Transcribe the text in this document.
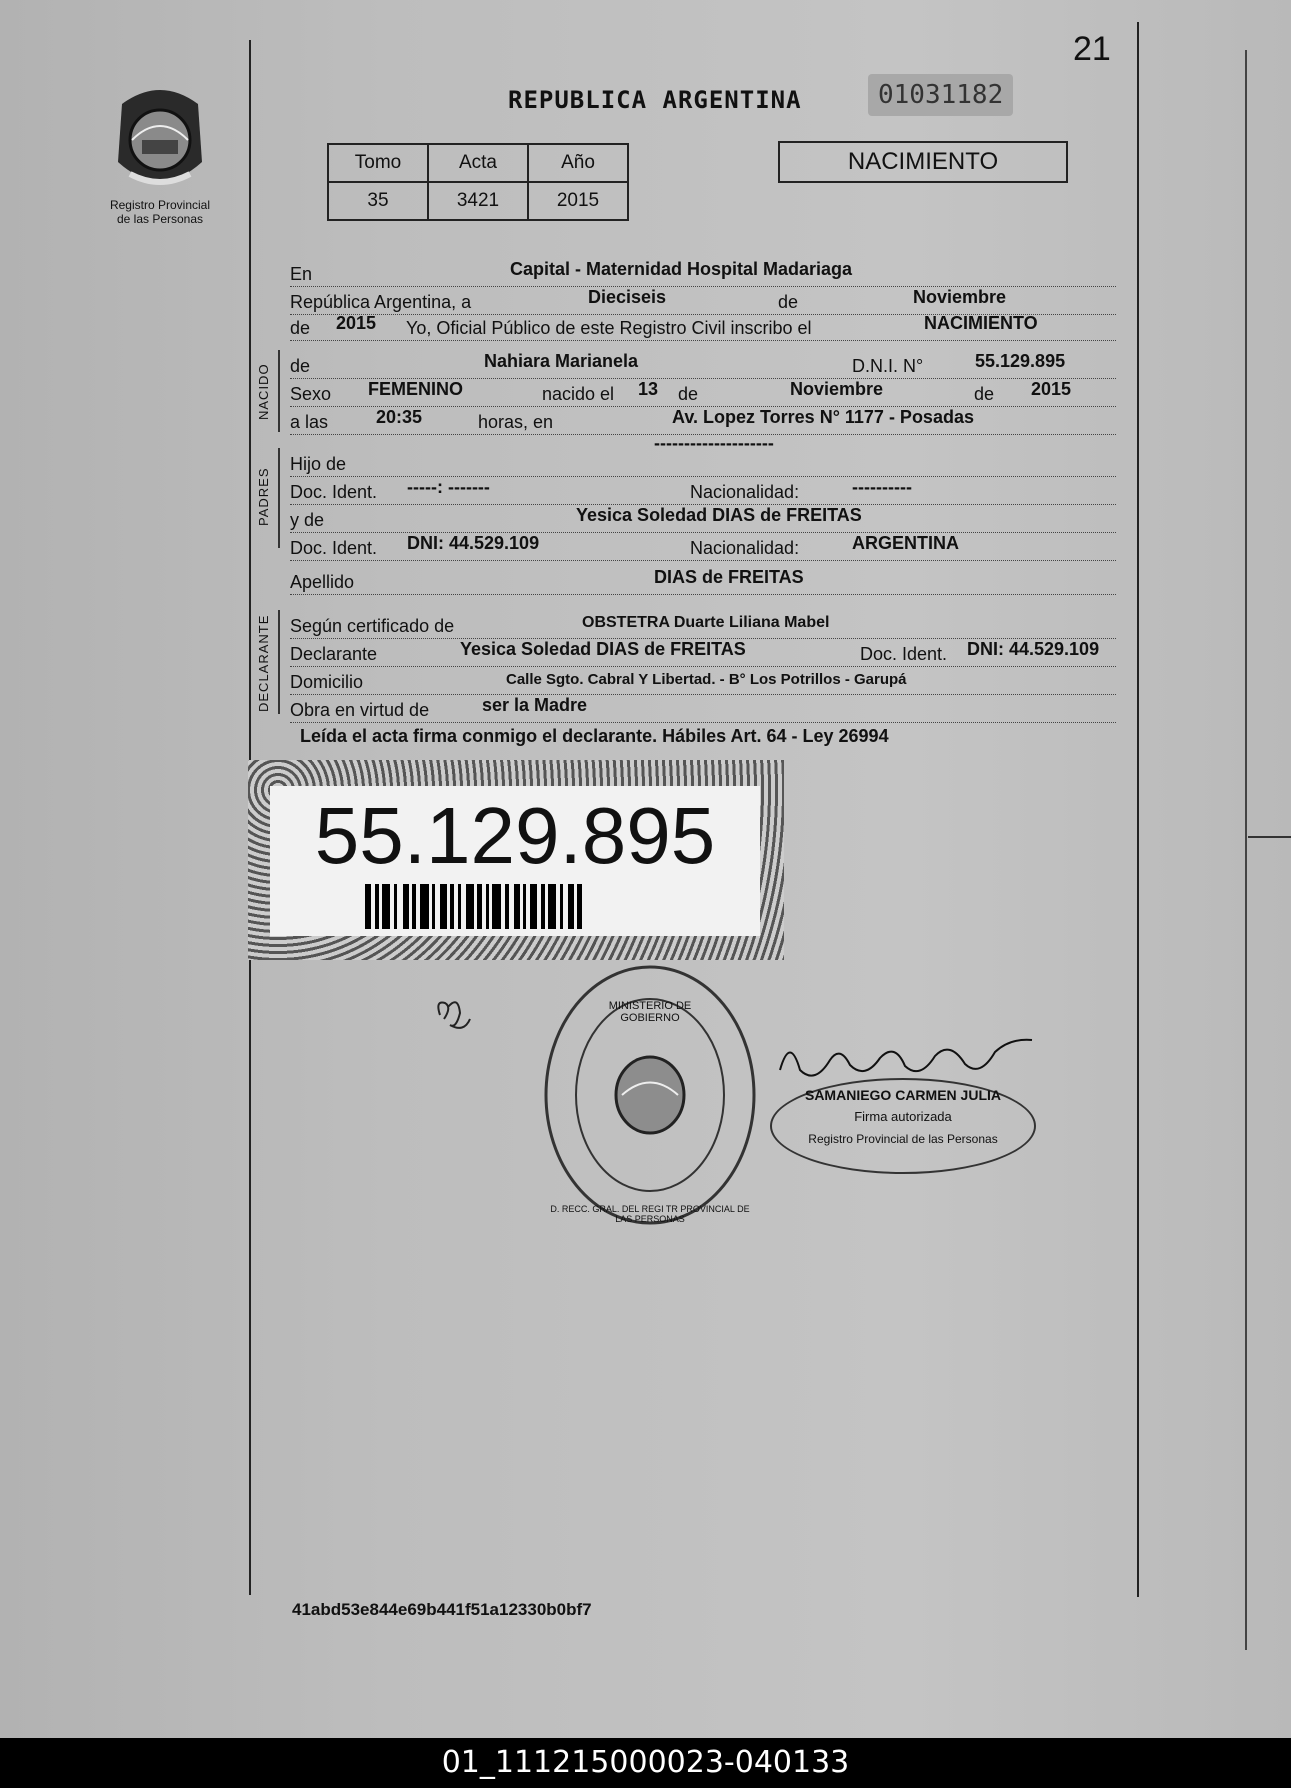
21
Registro Provincial
de las Personas
REPUBLICA ARGENTINA	01031182
Tomo	Acta	Año
35	3421	2015
NACIMIENTO
En	Capital - Maternidad Hospital Madariaga
República Argentina, a	Dieciseis	de	Noviembre
de 2015 Yo, Oficial Público de este Registro Civil inscribo el	NACIMIENTO
NACIDO de	Nahiara Marianela	D.N.I. N°	55.129.895
Sexo FEMENINO	nacido el 13 de	Noviembre	de 2015
a las	20:35	horas, en	Av. Lopez Torres N° 1177 - Posadas
PADRES
Hijo de
--------------------
Doc. Ident. -----: -------	Nacionalidad:	----------
y de	Yesica Soledad DIAS de FREITAS
Doc. Ident. DNI: 44.529.109	Nacionalidad:	ARGENTINA
Apellido	DIAS de FREITAS
DECLARANTE Según certificado de	OBSTETRA Duarte Liliana Mabel
Declarante	Yesica Soledad DIAS de FREITAS	Doc. Ident. DNI: 44.529.109
Domicilio	Calle Sgto. Cabral Y Libertad. - B° Los Potrillos - Garupá
Obra en virtud de	ser la Madre
Leída el acta firma conmigo el declarante. Hábiles Art. 64 - Ley 26994
55.129.895
MINISTERIO DE GOBIERNO
D. RECC. GRAL. DEL REGI TR PROVINCIAL DE LAS PERSONAS
SAMANIEGO CARMEN JULIA
Firma autorizada
Registro Provincial de las Personas
41abd53e844e69b441f51a12330b0bf7
01_111215000023-040133
